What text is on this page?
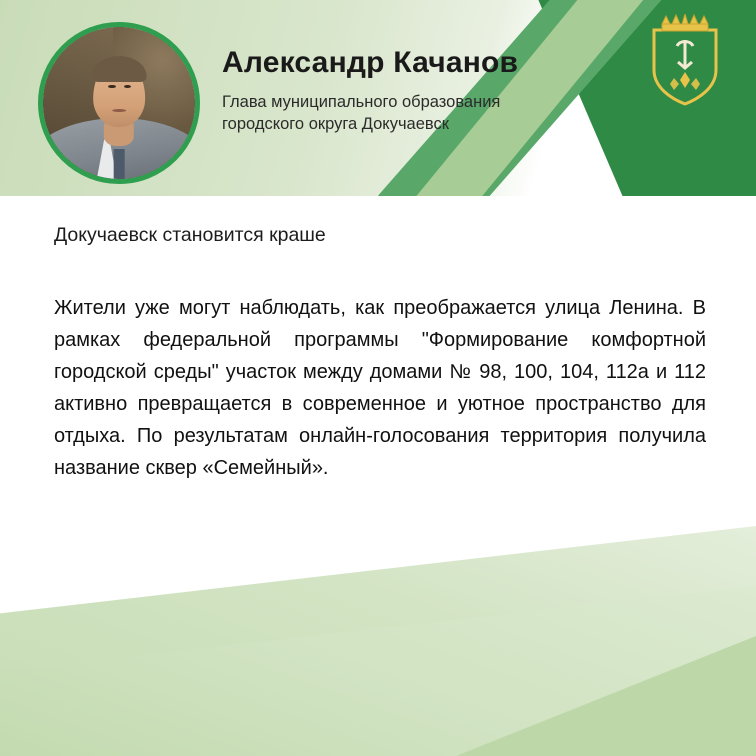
Александр Качанов

Глава муниципального образования
городского округа Докучаевск

Докучаевск становится краше

Жители уже могут наблюдать, как преображается улица Ленина. В рамках федеральной программы "Формирование комфортной городской среды" участок между домами № 98, 100, 104, 112а и 112 активно превращается в современное и уютное пространство для отдыха. По результатам онлайн-голосования территория получила название сквер «Семейный».
